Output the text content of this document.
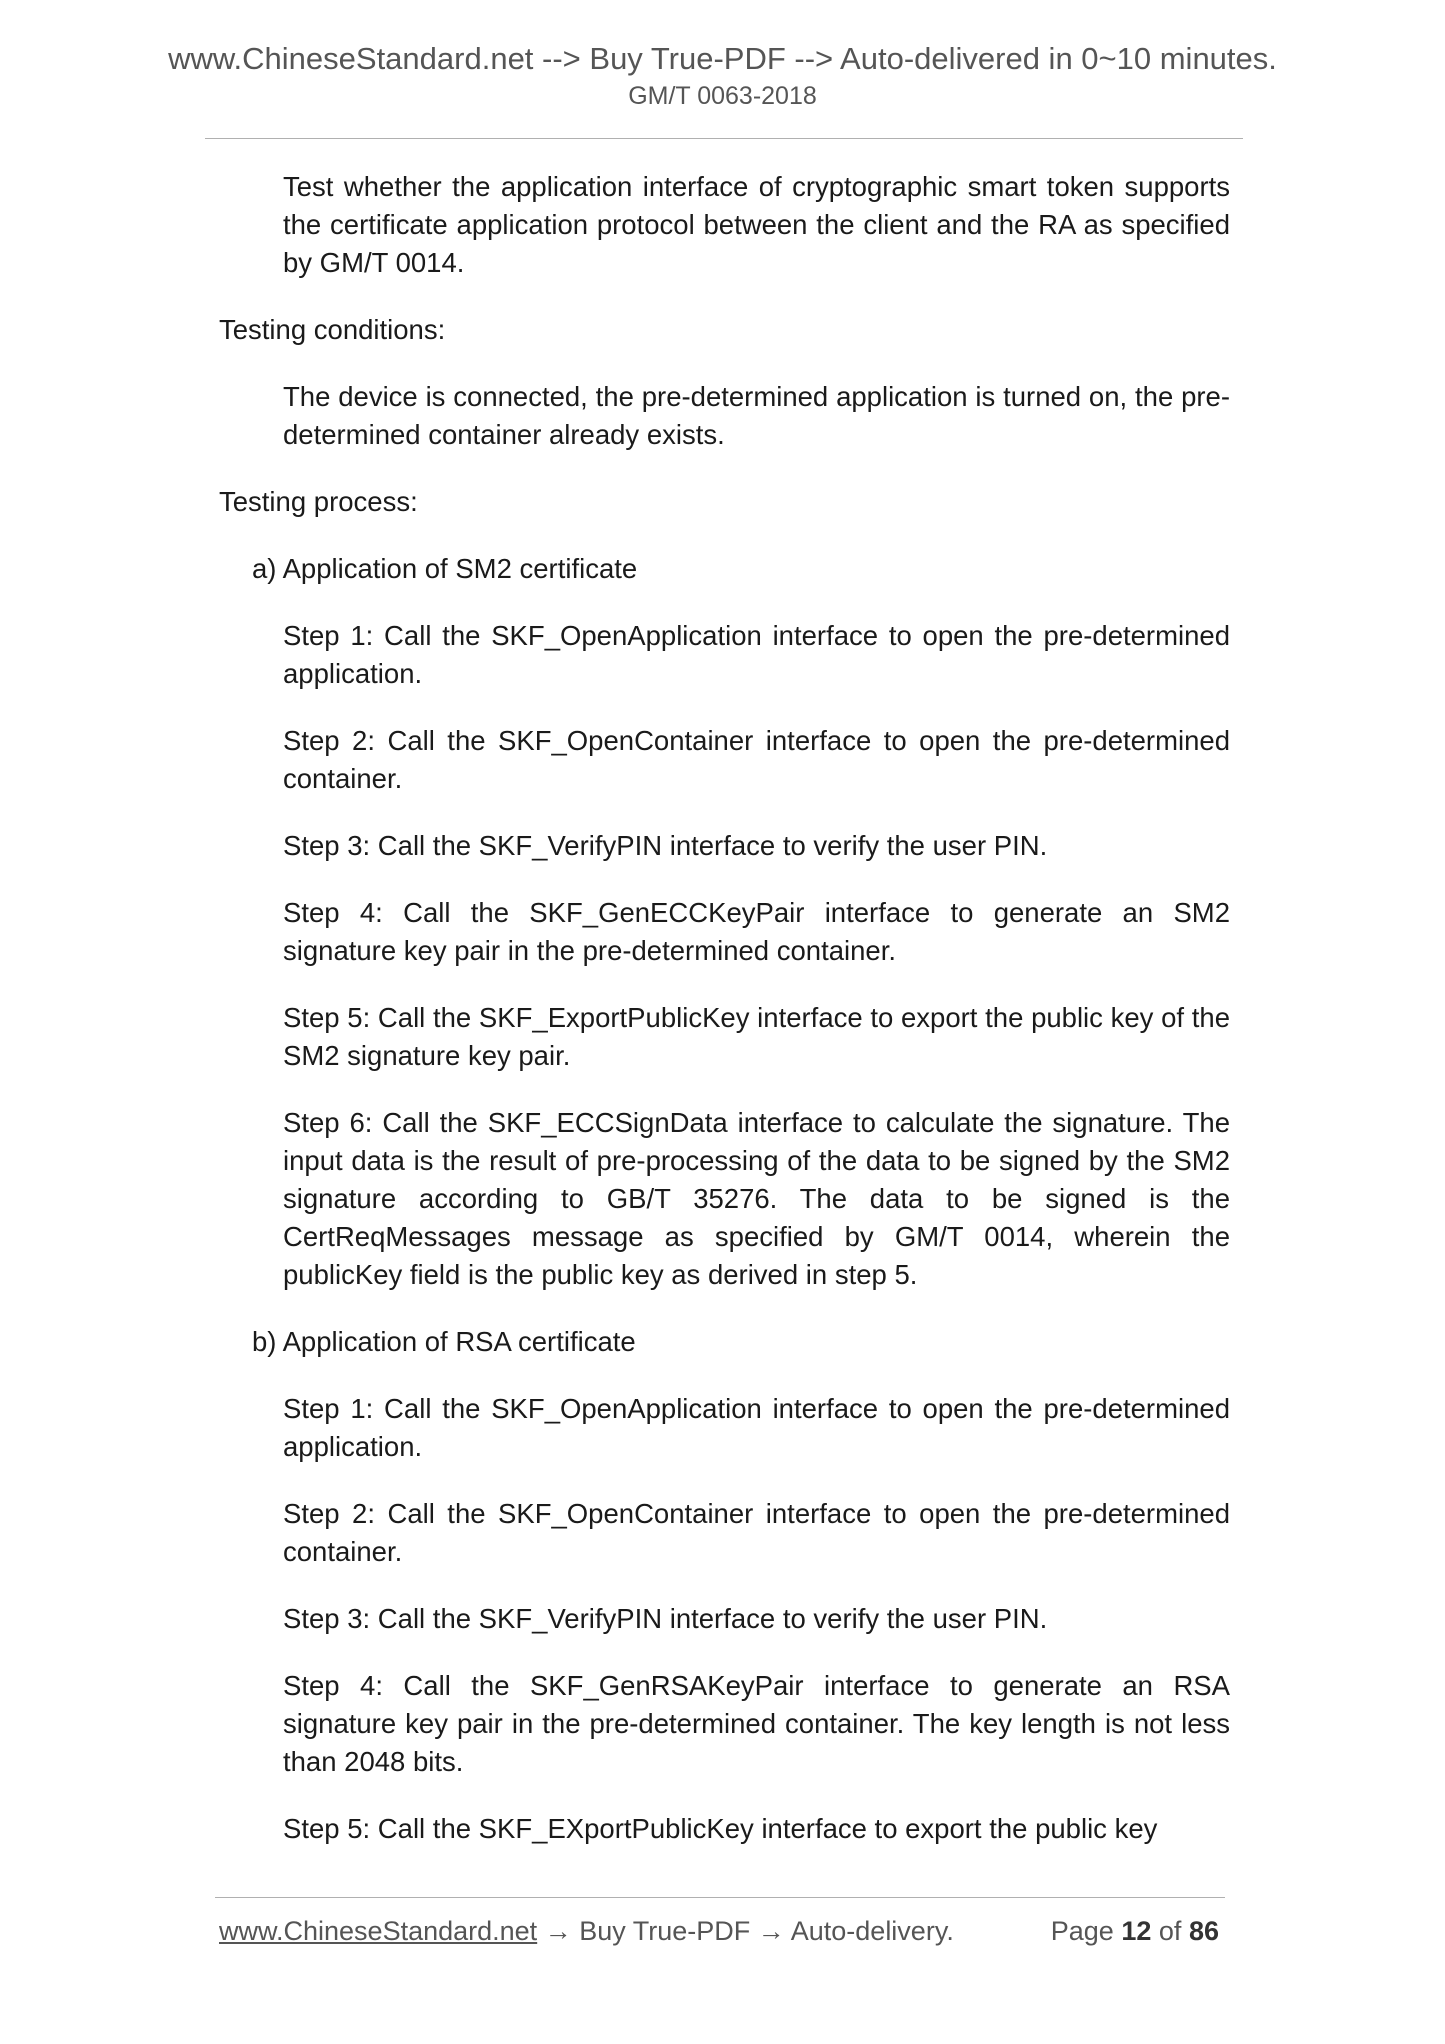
www.ChineseStandard.net --> Buy True-PDF --> Auto-delivered in 0~10 minutes.
GM/T 0063-2018

Test whether the application interface of cryptographic smart token supports the certificate application protocol between the client and the RA as specified by GM/T 0014.

Testing conditions:

The device is connected, the pre-determined application is turned on, the pre-determined container already exists.

Testing process:

a) Application of SM2 certificate

Step 1: Call the SKF_OpenApplication interface to open the pre-determined application.

Step 2: Call the SKF_OpenContainer interface to open the pre-determined container.

Step 3: Call the SKF_VerifyPIN interface to verify the user PIN.

Step 4: Call the SKF_GenECCKeyPair interface to generate an SM2 signature key pair in the pre-determined container.

Step 5: Call the SKF_ExportPublicKey interface to export the public key of the SM2 signature key pair.

Step 6: Call the SKF_ECCSignData interface to calculate the signature. The input data is the result of pre-processing of the data to be signed by the SM2 signature according to GB/T 35276. The data to be signed is the CertReqMessages message as specified by GM/T 0014, wherein the publicKey field is the public key as derived in step 5.

b) Application of RSA certificate

Step 1: Call the SKF_OpenApplication interface to open the pre-determined application.

Step 2: Call the SKF_OpenContainer interface to open the pre-determined container.

Step 3: Call the SKF_VerifyPIN interface to verify the user PIN.

Step 4: Call the SKF_GenRSAKeyPair interface to generate an RSA signature key pair in the pre-determined container. The key length is not less than 2048 bits.

Step 5: Call the SKF_EXportPublicKey interface to export the public key

www.ChineseStandard.net → Buy True-PDF → Auto-delivery.	Page 12 of 86
